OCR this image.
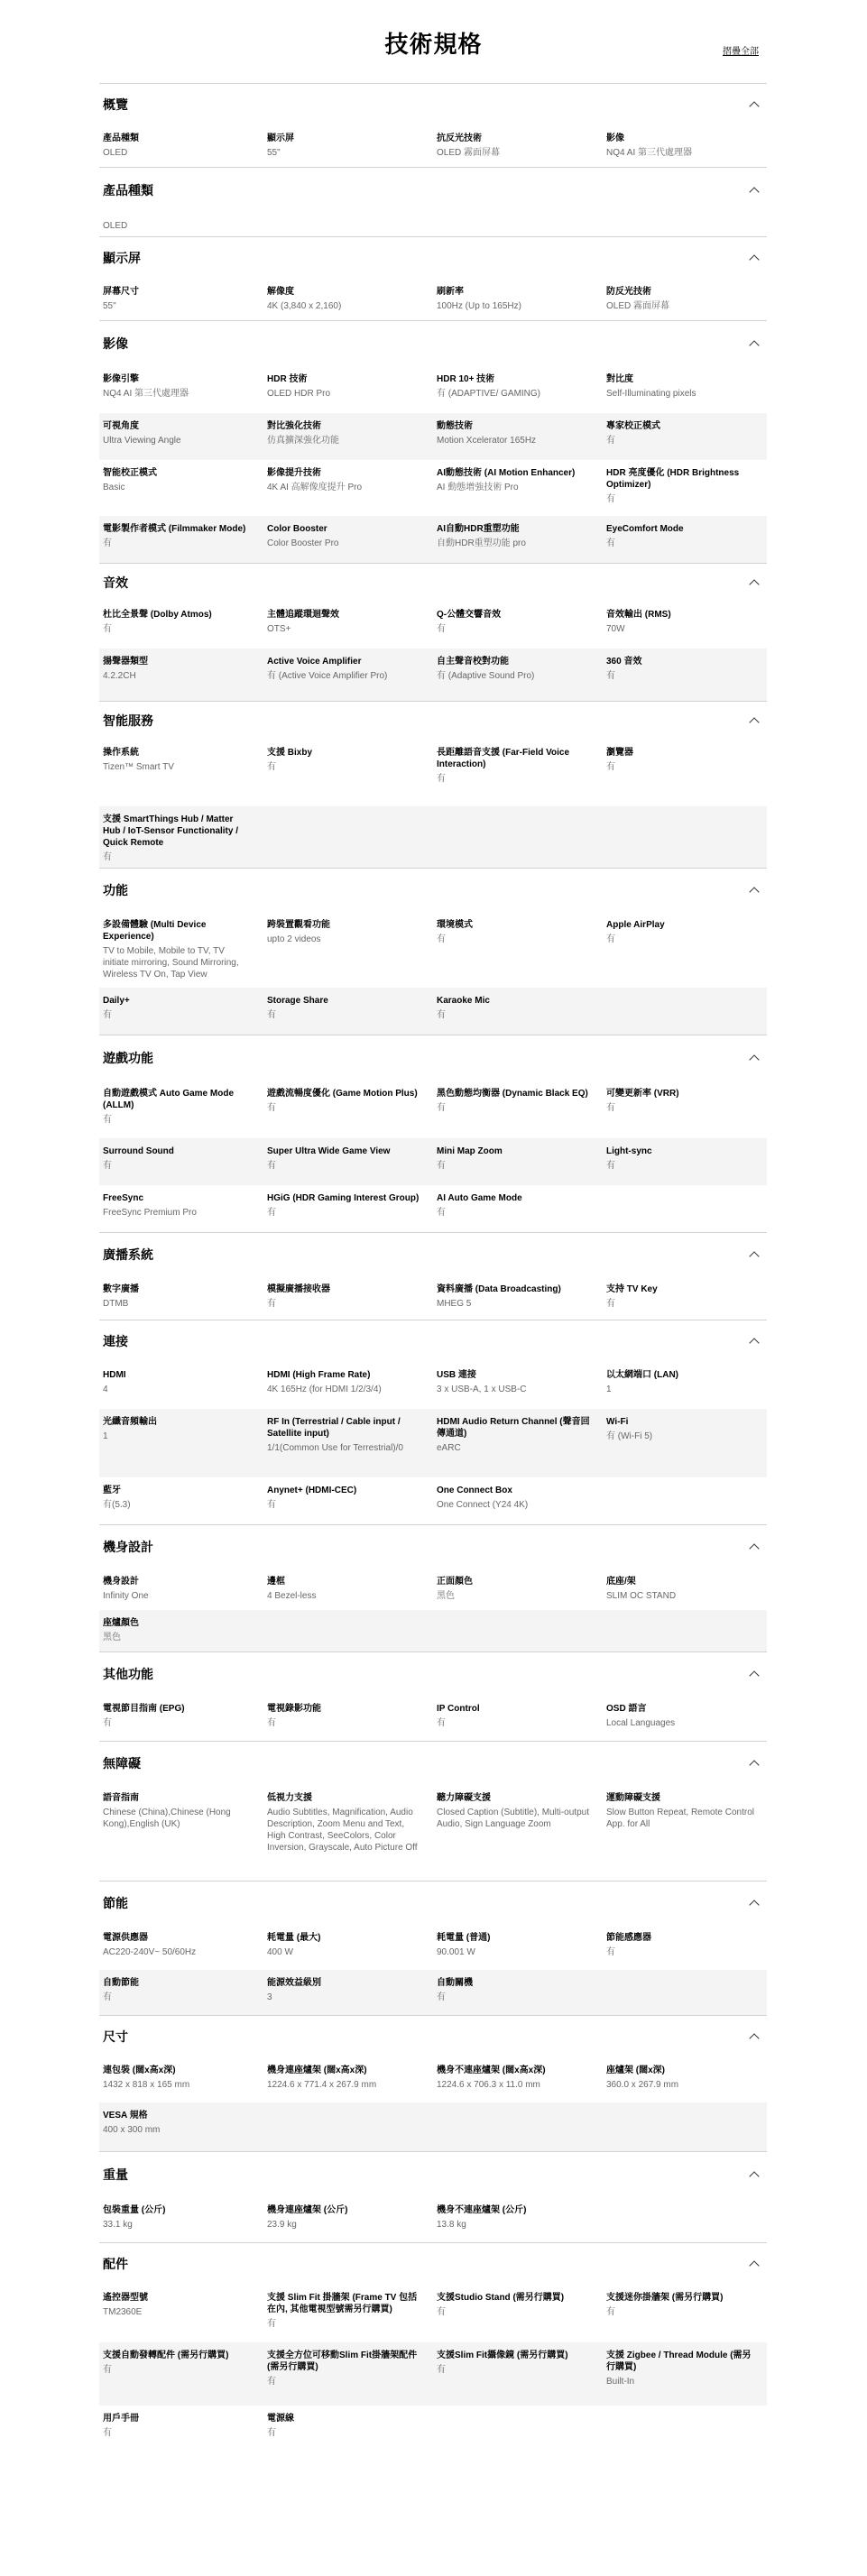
技術規格	摺疊全部
概覽
產品種類
OLED
顯示屏
55"
抗反光技術
OLED 霧面屏幕
影像
NQ4 AI 第三代處理器
產品種類
OLED
顯示屏
屏幕尺寸
55"
解像度
4K (3,840 x 2,160)
刷新率
100Hz (Up to 165Hz)
防反光技術
OLED 霧面屏幕
影像
影像引擎
NQ4 AI 第三代處理器
HDR 技術
OLED HDR Pro
HDR 10+ 技術
有 (ADAPTIVE/ GAMING)
對比度
Self-Illuminating pixels
可視角度
Ultra Viewing Angle
對比強化技術
仿真擴深強化功能
動態技術
Motion Xcelerator 165Hz
專家校正模式
有
智能校正模式
Basic
影像提升技術
4K AI 高解像度提升 Pro
AI動態技術 (AI Motion Enhancer)
AI 動態增強技術 Pro
HDR 亮度優化 (HDR Brightness Optimizer)
有
電影製作者模式 (Filmmaker Mode)
有
Color Booster
Color Booster Pro
AI自動HDR重塑功能
自動HDR重塑功能 pro
EyeComfort Mode
有
音效
杜比全景聲 (Dolby Atmos)
有
主體追蹤環迴聲效
OTS+
Q-公體交響音效
有
音效輸出 (RMS)
70W
揚聲器類型
4.2.2CH
Active Voice Amplifier
有 (Active Voice Amplifier Pro)
自主聲音校對功能
有 (Adaptive Sound Pro)
360 音效
有
智能服務
操作系統
Tizen™ Smart TV
支援 Bixby
有
長距離語音支援 (Far-Field Voice Interaction)
有
瀏覽器
有
支援 SmartThings Hub / Matter Hub / IoT-Sensor Functionality / Quick Remote
有
功能
多設備體驗 (Multi Device Experience)
TV to Mobile, Mobile to TV, TV initiate mirroring, Sound Mirroring, Wireless TV On, Tap View
跨裝置觀看功能
upto 2 videos
環境模式
有
Apple AirPlay
有
Daily+
有
Storage Share
有
Karaoke Mic
有
遊戲功能
自動遊戲模式 Auto Game Mode (ALLM)
有
遊戲流暢度優化 (Game Motion Plus)
有
黑色動態均衡器 (Dynamic Black EQ)
有
可變更新率 (VRR)
有
Surround Sound
有
Super Ultra Wide Game View
有
Mini Map Zoom
有
Light-sync
有
FreeSync
FreeSync Premium Pro
HGiG (HDR Gaming Interest Group)
有
AI Auto Game Mode
有
廣播系統
數字廣播
DTMB
模擬廣播接收器
有
資料廣播 (Data Broadcasting)
MHEG 5
支持 TV Key
有
連接
HDMI
4
HDMI (High Frame Rate)
4K 165Hz (for HDMI 1/2/3/4)
USB 連接
3 x USB-A, 1 x USB-C
以太網端口 (LAN)
1
光纖音頻輸出
1
RF In (Terrestrial / Cable input / Satellite input)
1/1(Common Use for Terrestrial)/0
HDMI Audio Return Channel (聲音回傳通道)
eARC
Wi-Fi
有 (Wi-Fi 5)
藍牙
有(5.3)
Anynet+ (HDMI-CEC)
有
One Connect Box
One Connect (Y24 4K)
機身設計
機身設計
Infinity One
邊框
4 Bezel-less
正面顏色
黑色
底座/架
SLIM OC STAND
座爐顏色
黑色
其他功能
電視節目指南 (EPG)
有
電視錄影功能
有
IP Control
有
OSD 語言
Local Languages
無障礙
語音指南
Chinese (China),Chinese (Hong Kong),English (UK)
低視力支援
Audio Subtitles, Magnification, Audio Description, Zoom Menu and Text, High Contrast, SeeColors, Color Inversion, Grayscale, Auto Picture Off
聽力障礙支援
Closed Caption (Subtitle), Multi-output Audio, Sign Language Zoom
運動障礙支援
Slow Button Repeat, Remote Control App. for All
節能
電源供應器
AC220-240V~ 50/60Hz
耗電量 (最大)
400 W
耗電量 (普通)
90.001 W
節能感應器
有
自動節能
有
能源效益級別
3
自動關機
有
尺寸
連包裝 (闊x高x深)
1432 x 818 x 165 mm
機身連座爐架 (闊x高x深)
1224.6 x 771.4 x 267.9 mm
機身不連座爐架 (闊x高x深)
1224.6 x 706.3 x 11.0 mm
座爐架 (闊x深)
360.0 x 267.9 mm
VESA 規格
400 x 300 mm
重量
包裝重量 (公斤)
33.1 kg
機身連座爐架 (公斤)
23.9 kg
機身不連座爐架 (公斤)
13.8 kg
配件
遙控器型號
TM2360E
支援 Slim Fit 掛牆架 (Frame TV 包括在內, 其他電視型號需另行購買)
有
支援Studio Stand (需另行購買)
有
支援迷你掛牆架 (需另行購買)
有
支援自動發轉配件 (需另行購買)
有
支援全方位可移動Slim Fit掛牆架配件 (需另行購買)
有
支援Slim Fit攝像鏡 (需另行購買)
有
支援 Zigbee / Thread Module (需另行購買)
Built-In
用戶手冊
有
電源線
有
